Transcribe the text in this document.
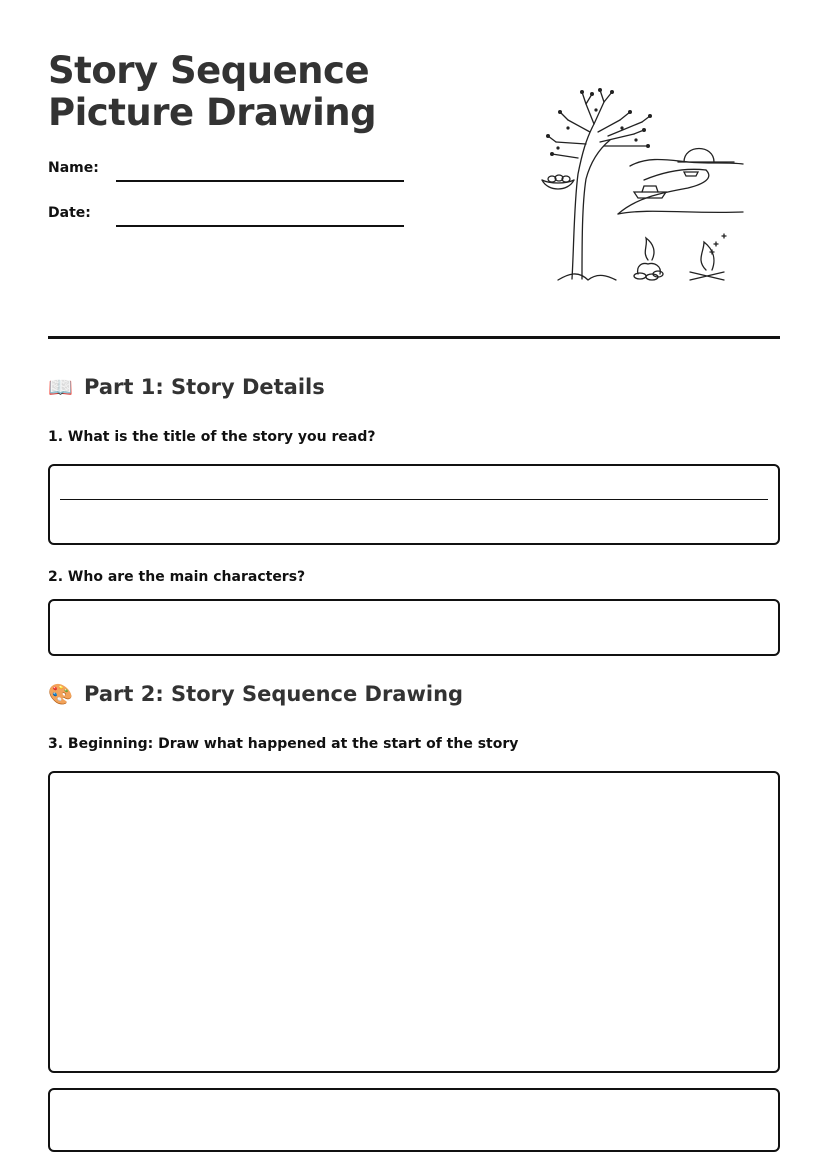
Story Sequence Picture Drawing
Name:
Date:
📖 Part 1: Story Details
1. What is the title of the story you read?
2. Who are the main characters?
🎨 Part 2: Story Sequence Drawing
3. Beginning: Draw what happened at the start of the story
